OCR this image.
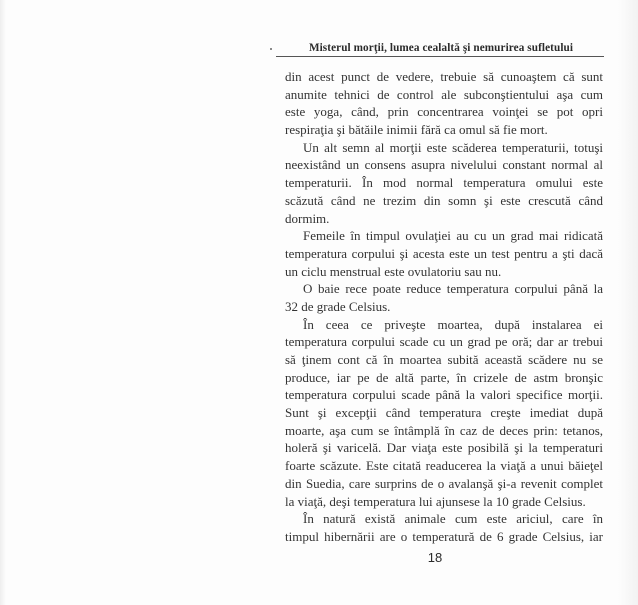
Misterul morţii, lumea cealaltă şi nemurirea sufletului
din acest punct de vedere, trebuie să cunoaştem că sunt
anumite tehnici de control ale subconştientului aşa cum
este yoga, când, prin concentrarea voinţei se pot opri
respiraţia şi bătăile inimii fără ca omul să fie mort.
Un alt semn al morţii este scăderea temperaturii, totuşi
neexistând un consens asupra nivelului constant normal al
temperaturii. În mod normal temperatura omului este
scăzută când ne trezim din somn şi este crescută când
dormim.
Femeile în timpul ovulaţiei au cu un grad mai ridicată
temperatura corpului şi acesta este un test pentru a şti dacă
un ciclu menstrual este ovulatoriu sau nu.
O baie rece poate reduce temperatura corpului până la
32 de grade Celsius.
În ceea ce priveşte moartea, după instalarea ei
temperatura corpului scade cu un grad pe oră; dar ar trebui
să ţinem cont că în moartea subită această scădere nu se
produce, iar pe de altă parte, în crizele de astm bronşic
temperatura corpului scade până la valori specifice morţii.
Sunt şi excepţii când temperatura creşte imediat după
moarte, aşa cum se întâmplă în caz de deces prin: tetanos,
holeră şi varicelă. Dar viaţa este posibilă şi la temperaturi
foarte scăzute. Este citată readucerea la viaţă a unui băieţel
din Suedia, care surprins de o avalanşă şi-a revenit complet
la viaţă, deşi temperatura lui ajunsese la 10 grade Celsius.
În natură există animale cum este ariciul, care în
timpul hibernării are o temperatură de 6 grade Celsius, iar
18
